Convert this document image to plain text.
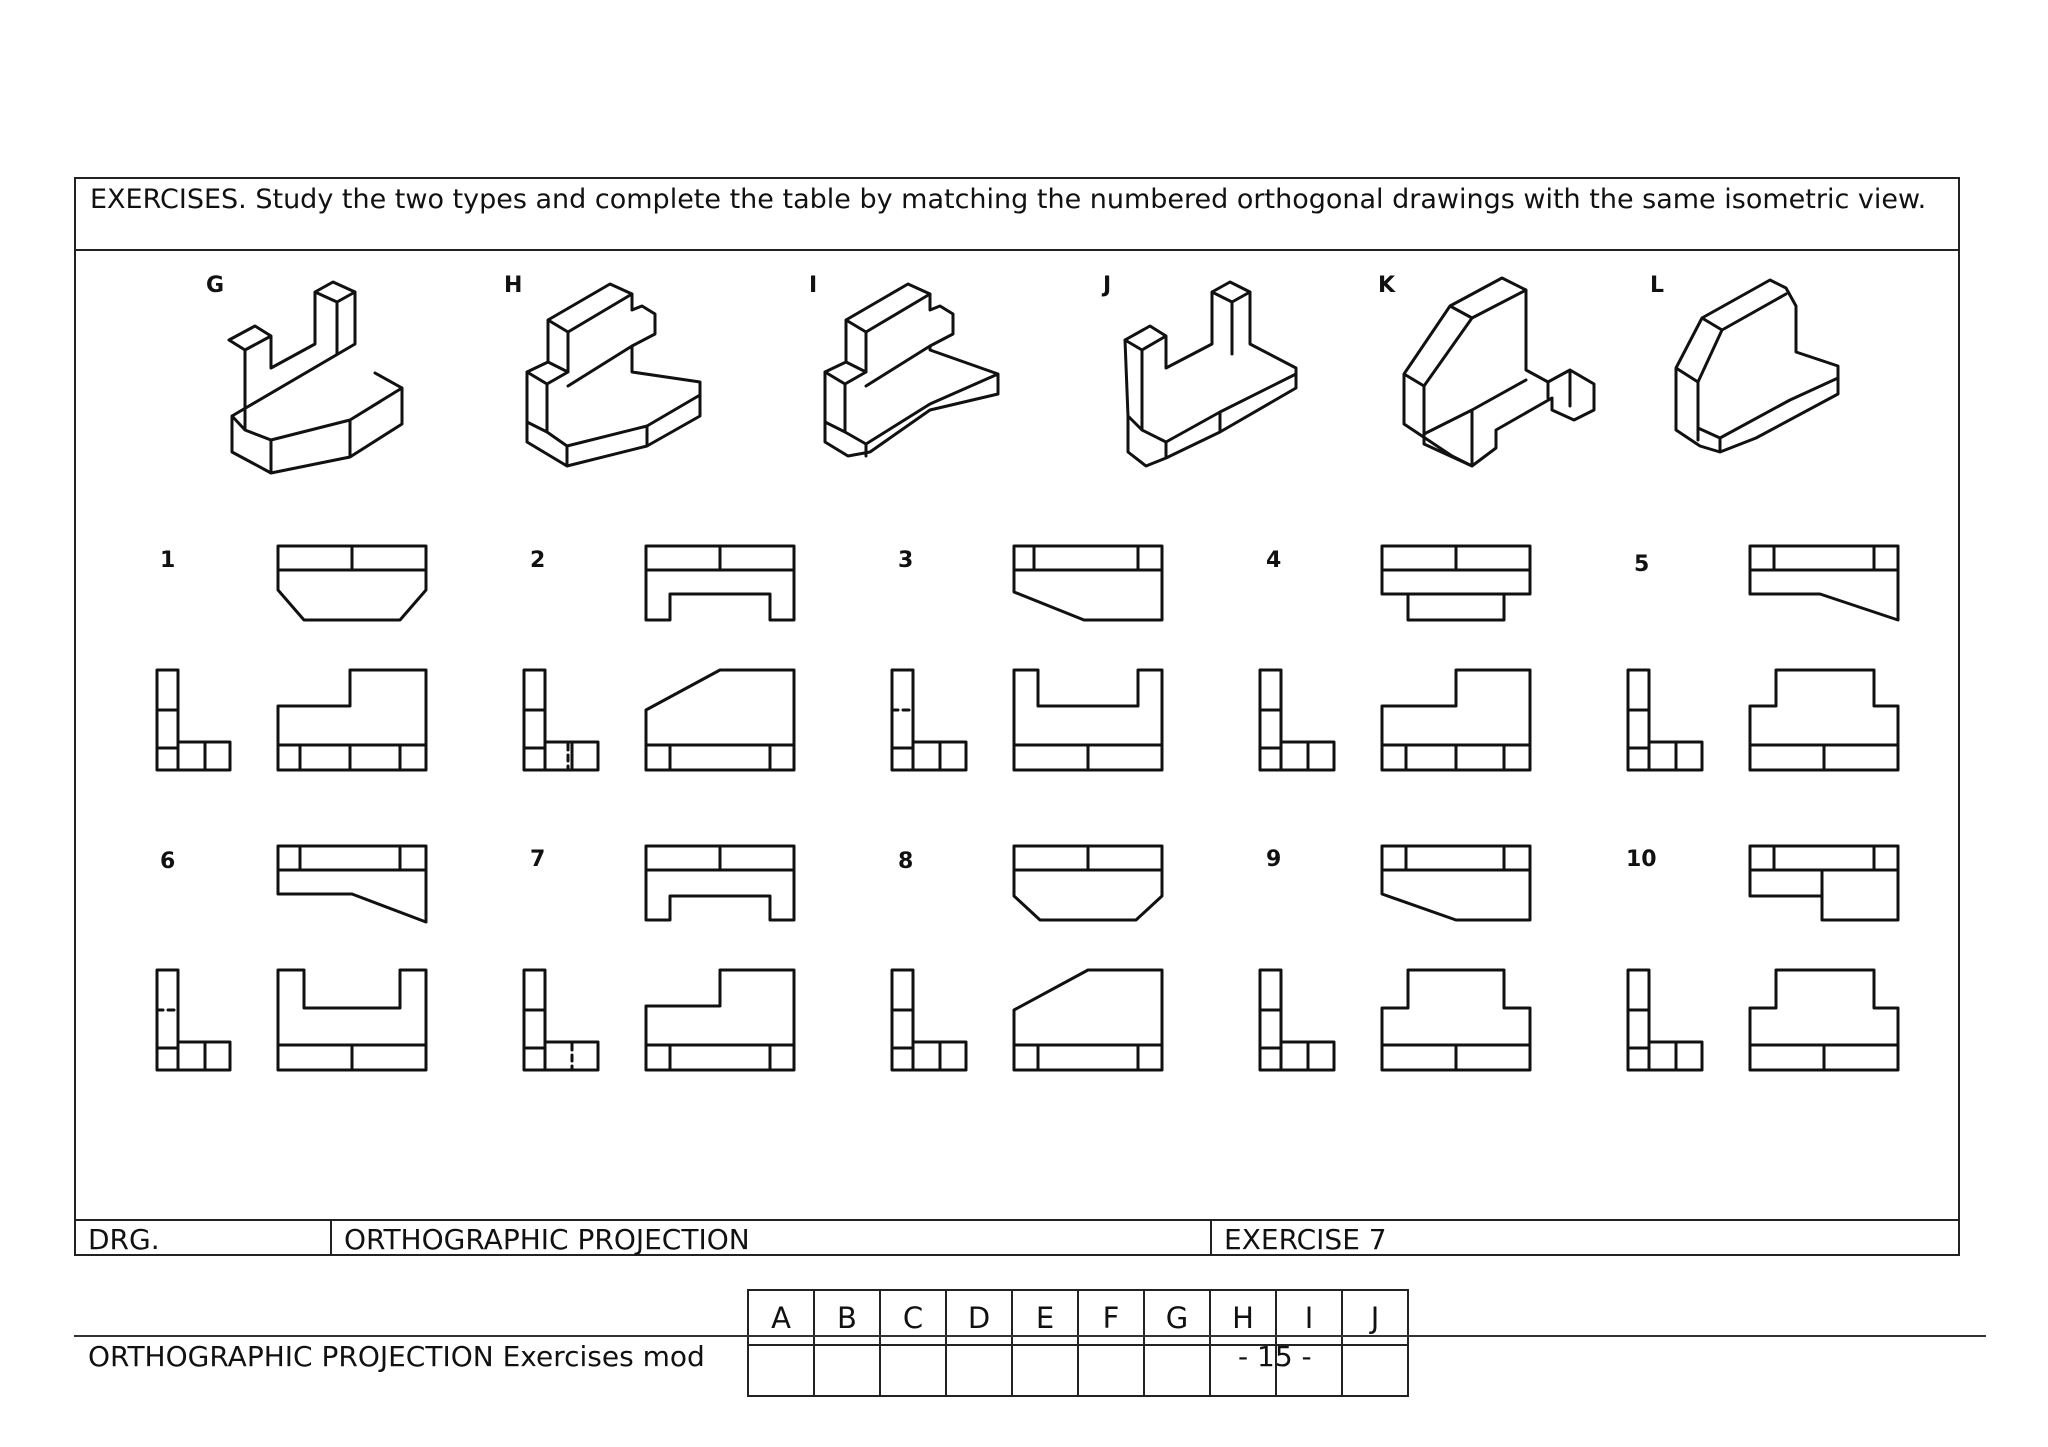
EXERCISES. Study the two types and complete the table by matching the numbered orthogonal drawings with the same isometric view.
A	B	C	D	E	F	G	H	I	J

DRG.	ORTHOGRAPHIC PROJECTION	EXERCISE 7
G	H	I	J	K	L
1	2	3	4	5
6	7	8	9	10
ORTHOGRAPHIC PROJECTION Exercises mod	- 15 -
